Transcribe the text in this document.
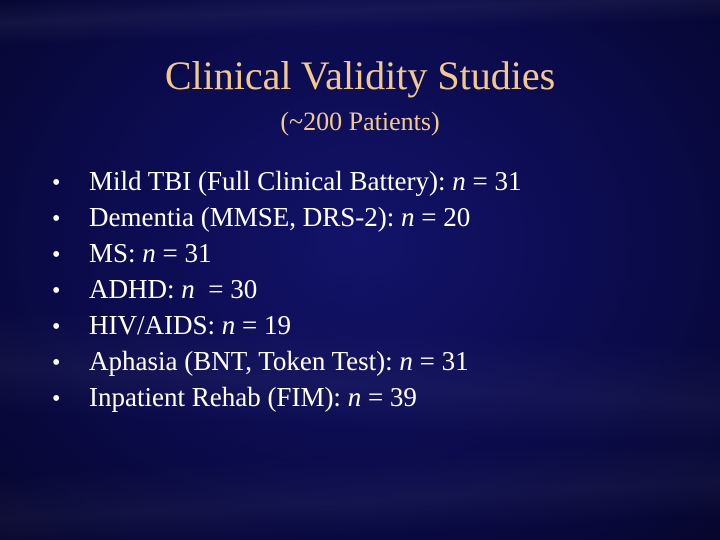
Clinical Validity Studies
(~200 Patients)
•	Mild TBI (Full Clinical Battery): n = 31
•	Dementia (MMSE, DRS-2): n = 20
•	MS: n = 31
•	ADHD: n  = 30
•	HIV/AIDS: n = 19
•	Aphasia (BNT, Token Test): n = 31
•	Inpatient Rehab (FIM): n = 39
